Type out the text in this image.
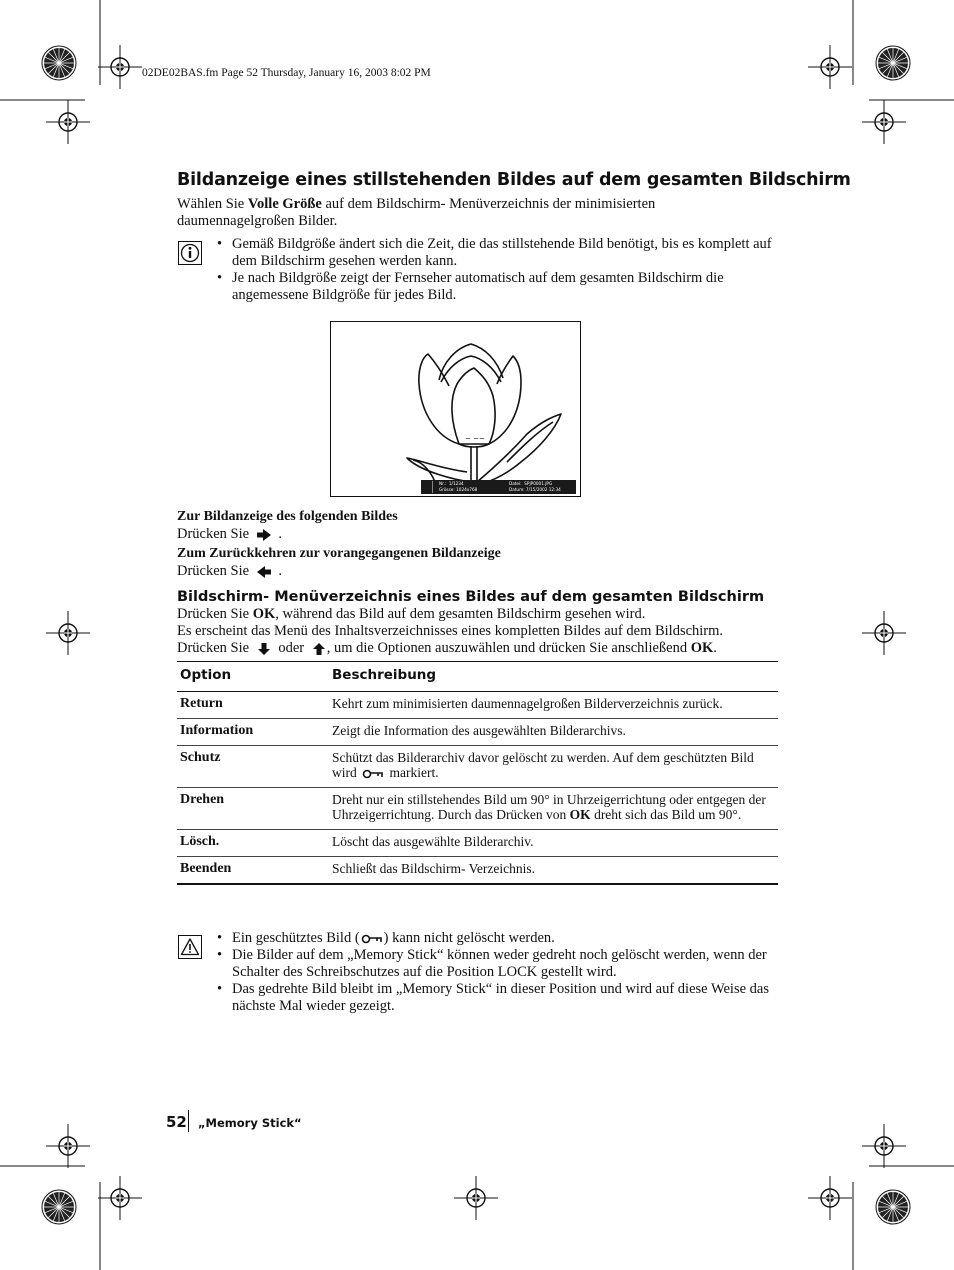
02DE02BAS.fm Page 52 Thursday, January 16, 2003 8:02 PM
Bildanzeige eines stillstehenden Bildes auf dem gesamten Bildschirm
Wählen Sie Volle Größe auf dem Bildschirm- Menüverzeichnis der minimisierten daumennagelgroßen Bilder.
• Gemäß Bildgröße ändert sich die Zeit, die das stillstehende Bild benötigt, bis es komplett auf dem Bildschirm gesehen werden kann.
• Je nach Bildgröße zeigt der Fernseher automatisch auf dem gesamten Bildschirm die angemessene Bildgröße für jedes Bild.
~ ~~
Nr.: 1/1234
Grösse: 1024x768
Datei: SPJP0001.JPG
Datum: 7/15/2002 12:34
Zur Bildanzeige des folgenden Bildes
Drücken Sie .
Zum Zurückkehren zur vorangegangenen Bildanzeige
Drücken Sie .
Bildschirm- Menüverzeichnis eines Bildes auf dem gesamten Bildschirm
Drücken Sie OK, während das Bild auf dem gesamten Bildschirm gesehen wird.
Es erscheint das Menü des Inhaltsverzeichnisses eines kompletten Bildes auf dem Bildschirm.
Drücken Sie oder , um die Optionen auszuwählen und drücken Sie anschließend OK.
Option	Beschreibung
Return	Kehrt zum minimisierten daumennagelgroßen Bilderverzeichnis zurück.
Information	Zeigt die Information des ausgewählten Bilderarchivs.
Schutz	Schützt das Bilderarchiv davor gelöscht zu werden. Auf dem geschützten Bild wird markiert.
Drehen	Dreht nur ein stillstehendes Bild um 90° in Uhrzeigerrichtung oder entgegen der Uhrzeigerrichtung. Durch das Drücken von OK dreht sich das Bild um 90°.
Lösch.	Löscht das ausgewählte Bilderarchiv.
Beenden	Schließt das Bildschirm- Verzeichnis.
• Ein geschütztes Bild ( ) kann nicht gelöscht werden.
• Die Bilder auf dem „Memory Stick“ können weder gedreht noch gelöscht werden, wenn der Schalter des Schreibschutzes auf die Position LOCK gestellt wird.
• Das gedrehte Bild bleibt im „Memory Stick“ in dieser Position und wird auf diese Weise das nächste Mal wieder gezeigt.
52 „Memory Stick“
